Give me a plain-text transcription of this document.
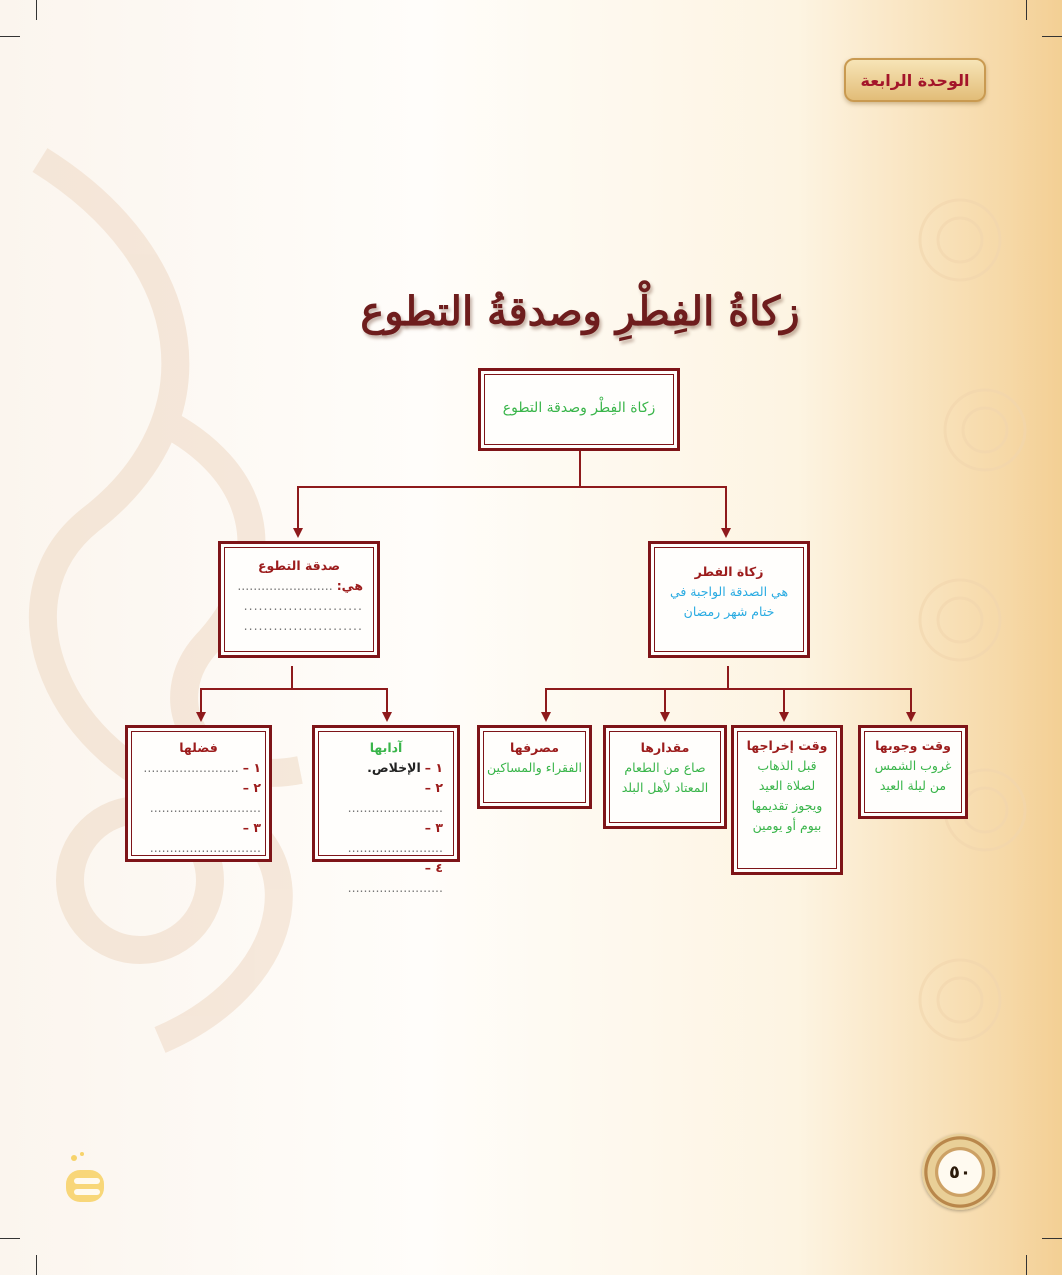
الوحدة الرابعة
زكاةُ الفِطْرِ وصدقةُ التطوع
زكاة الفِطْر وصدقة التطوع
زكاة الفطر
هي الصدقة الواجبة في
ختام شهر رمضان
صدقة التطوع
هي: ........................
........................
........................
وقت وجوبها
غروب الشمس
من ليلة العيد
وقت إخراجها
قبل الذهاب
لصلاة العيد
ويجوز تقديمها
بيوم أو يومين
مقدارها
صاع من الطعام
المعتاد لأهل البلد
مصرفها
الفقراء والمساكين
آدابها
١ – الإخلاص.
٢ – ........................
٣ – ........................
٤ – ........................
فضلها
١ – ........................
٢ – ............................
٣ – ............................
٥٠
